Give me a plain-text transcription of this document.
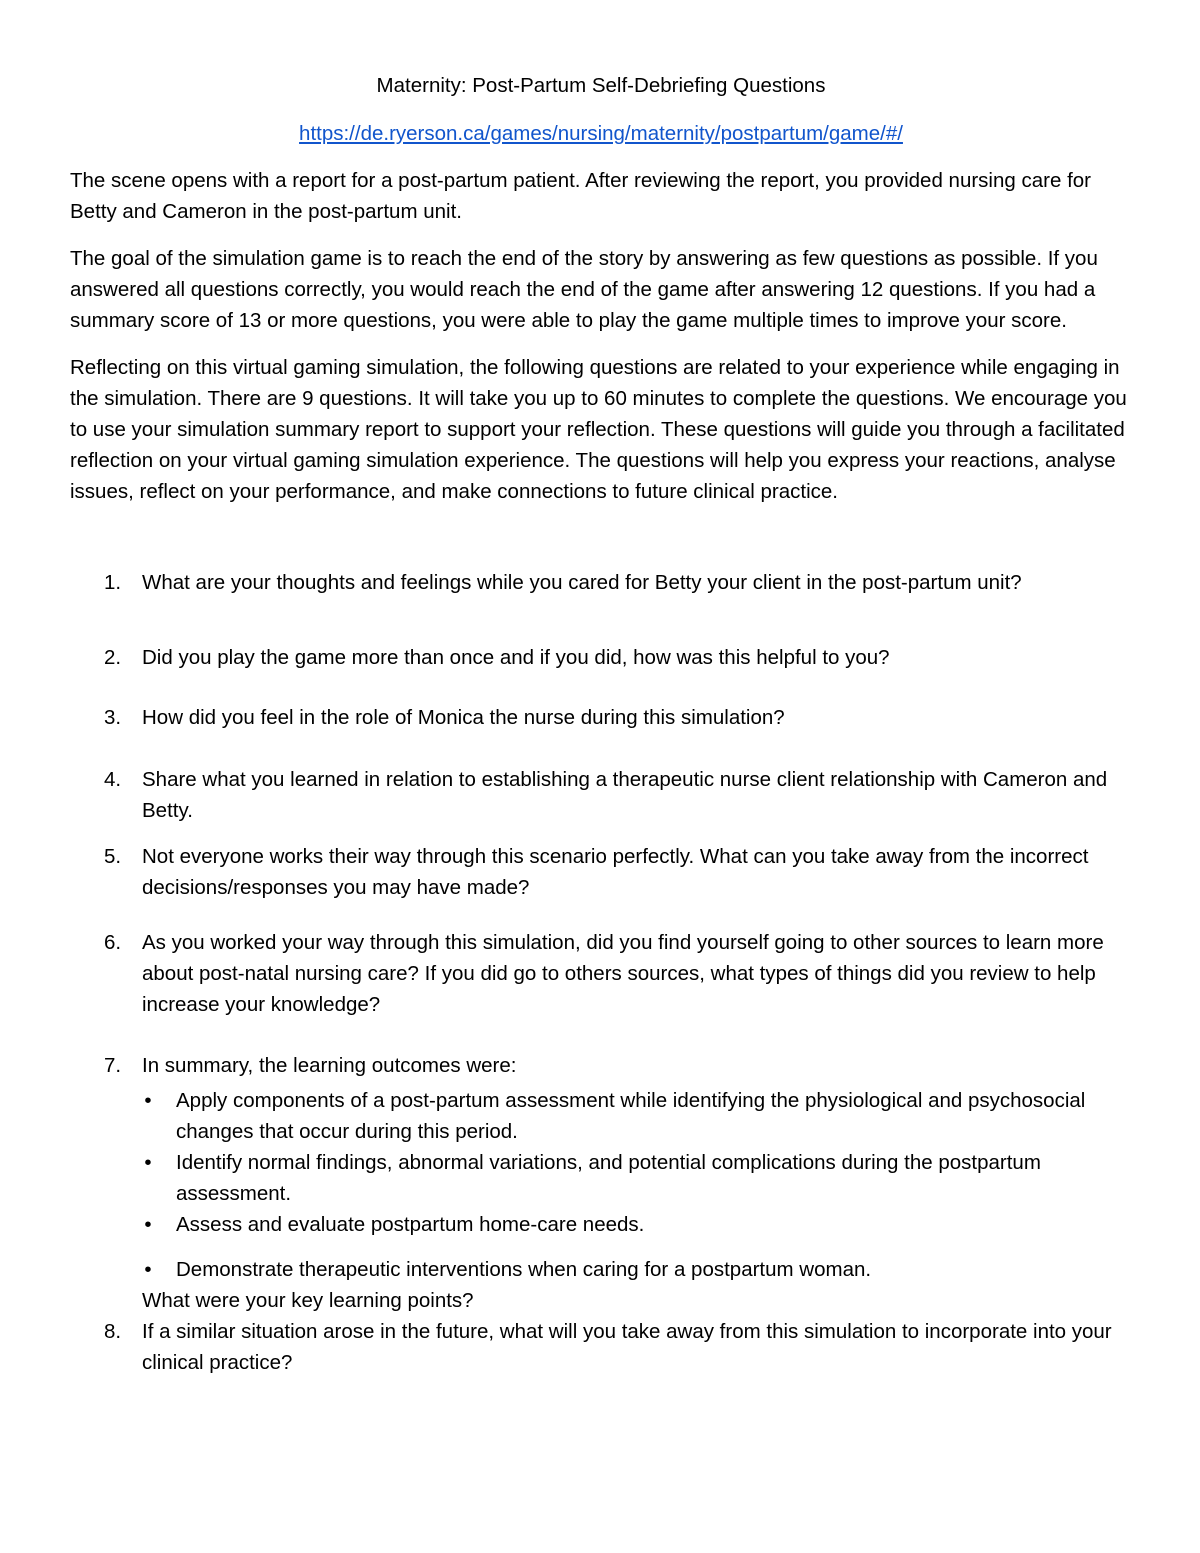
Maternity: Post-Partum Self-Debriefing Questions

https://de.ryerson.ca/games/nursing/maternity/postpartum/game/#/

The scene opens with a report for a post-partum patient. After reviewing the report, you provided nursing care for Betty and Cameron in the post-partum unit.

The goal of the simulation game is to reach the end of the story by answering as few questions as possible. If you answered all questions correctly, you would reach the end of the game after answering 12 questions. If you had a summary score of 13 or more questions, you were able to play the game multiple times to improve your score.

Reflecting on this virtual gaming simulation, the following questions are related to your experience while engaging in the simulation. There are 9 questions. It will take you up to 60 minutes to complete the questions. We encourage you to use your simulation summary report to support your reflection. These questions will guide you through a facilitated reflection on your virtual gaming simulation experience. The questions will help you express your reactions, analyse issues, reflect on your performance, and make connections to future clinical practice.

1. What are your thoughts and feelings while you cared for Betty your client in the post-partum unit?
2. Did you play the game more than once and if you did, how was this helpful to you?
3. How did you feel in the role of Monica the nurse during this simulation?
4. Share what you learned in relation to establishing a therapeutic nurse client relationship with Cameron and Betty.
5. Not everyone works their way through this scenario perfectly. What can you take away from the incorrect decisions/responses you may have made?
6. As you worked your way through this simulation, did you find yourself going to other sources to learn more about post-natal nursing care? If you did go to others sources, what types of things did you review to help increase your knowledge?
7. In summary, the learning outcomes were:
• Apply components of a post-partum assessment while identifying the physiological and psychosocial changes that occur during this period.
• Identify normal findings, abnormal variations, and potential complications during the postpartum assessment.
• Assess and evaluate postpartum home-care needs.
• Demonstrate therapeutic interventions when caring for a postpartum woman.

What were your key learning points?

8. If a similar situation arose in the future, what will you take away from this simulation to incorporate into your clinical practice?
